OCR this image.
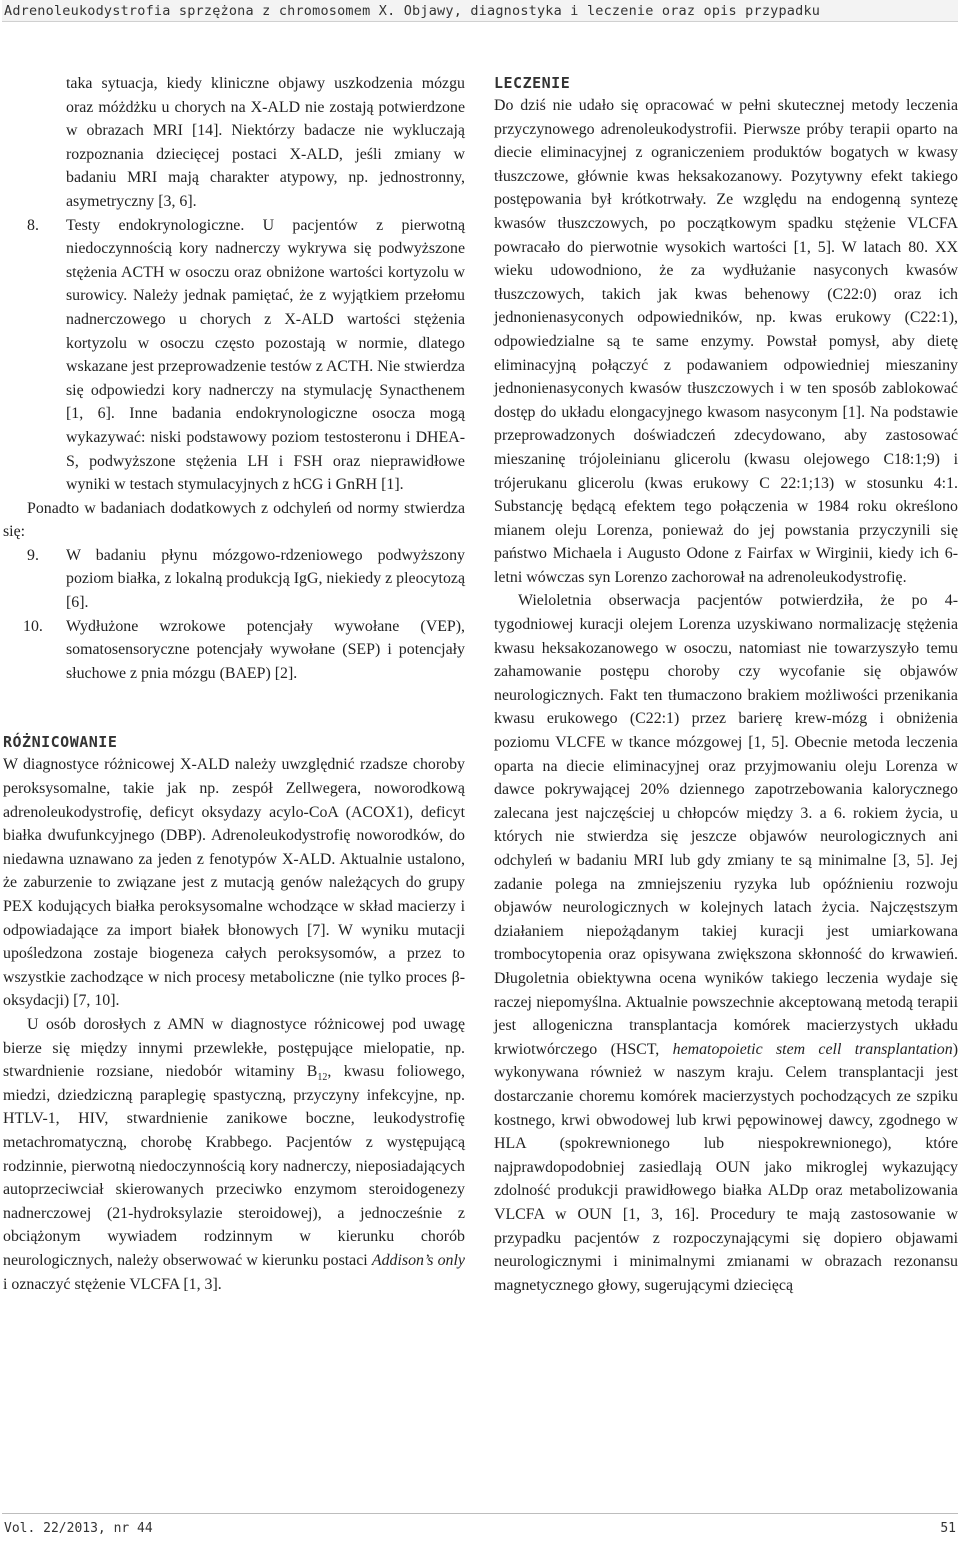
Adrenoleukodystrofia sprzężona z chromosomem X. Objawy, diagnostyka i leczenie oraz opis przypadku

taka sytuacja, kiedy kliniczne objawy uszkodzenia mózgu oraz móżdżku u chorych na X-ALD nie zostają potwierdzone w obrazach MRI [14]. Niektórzy badacze nie wykluczają rozpoznania dziecięcej postaci X-ALD, jeśli zmiany w badaniu MRI mają charakter atypowy, np. jednostronny, asymetryczny [3, 6].

8.	Testy endokrynologiczne. U pacjentów z pierwotną niedoczynnością kory nadnerczy wykrywa się podwyższone stężenia ACTH w osoczu oraz obniżone wartości kortyzolu w surowicy. Należy jednak pamiętać, że z wyjątkiem przełomu nadnerczowego u chorych z X-ALD wartości stężenia kortyzolu w osoczu często pozostają w normie, dlatego wskazane jest przeprowadzenie testów z ACTH. Nie stwierdza się odpowiedzi kory nadnerczy na stymulację Synacthenem [1, 6]. Inne badania endokrynologiczne osocza mogą wykazywać: niski podstawowy poziom testosteronu i DHEA-S, podwyższone stężenia LH i FSH oraz nieprawidłowe wyniki w testach stymulacyjnych z hCG i GnRH [1].

Ponadto w badaniach dodatkowych z odchyleń od normy stwierdza się:

9.	W badaniu płynu mózgowo-rdzeniowego podwyższony poziom białka, z lokalną produkcją IgG, niekiedy z pleocytozą [6].
10.	Wydłużone wzrokowe potencjały wywołane (VEP), somatosensoryczne potencjały wywołane (SEP) i potencjały słuchowe z pnia mózgu (BAEP) [2].
RÓŻNICOWANIE

W diagnostyce różnicowej X-ALD należy uwzględnić rzadsze choroby peroksysomalne, takie jak np. zespół Zellwegera, noworodkową adrenoleukodystrofię, deficyt oksydazy acylo-CoA (ACOX1), deficyt białka dwufunkcyjnego (DBP). Adrenoleukodystrofię noworodków, do niedawna uznawano za jeden z fenotypów X-ALD. Aktualnie ustalono, że zaburzenie to związane jest z mutacją genów należących do grupy PEX kodujących białka peroksysomalne wchodzące w skład macierzy i odpowiadające za import białek błonowych [7]. W wyniku mutacji upośledzona zostaje biogeneza całych peroksysomów, a przez to wszystkie zachodzące w nich procesy metaboliczne (nie tylko proces β-oksydacji) [7, 10].

U osób dorosłych z AMN w diagnostyce różnicowej pod uwagę bierze się między innymi przewlekłe, postępujące mielopatie, np. stwardnienie rozsiane, niedobór witaminy $B_{12}$, kwasu foliowego, miedzi, dziedziczną paraplegię spastyczną, przyczyny infekcyjne, np. HTLV-1, HIV, stwardnienie zanikowe boczne, leukodystrofię metachromatyczną, chorobę Krabbego. Pacjentów z występującą rodzinnie, pierwotną niedoczynnością kory nadnerczy, nieposiadających autoprzeciwciał skierowanych przeciwko enzymom steroidogenezy nadnerczowej (21-hydroksylazie steroidowej), a jednocześnie z obciążonym wywiadem rodzinnym w kierunku chorób neurologicznych, należy obserwować w kierunku postaci Addison’s only i oznaczyć stężenie VLCFA [1, 3].

LECZENIE

Do dziś nie udało się opracować w pełni skutecznej metody leczenia przyczynowego adrenoleukodystrofii. Pierwsze próby terapii oparto na diecie eliminacyjnej z ograniczeniem produktów bogatych w kwasy tłuszczowe, głównie kwas heksakozanowy. Pozytywny efekt takiego postępowania był krótkotrwały. Ze względu na endogenną syntezę kwasów tłuszczowych, po początkowym spadku stężenie VLCFA powracało do pierwotnie wysokich wartości [1, 5]. W latach 80. XX wieku udowodniono, że za wydłużanie nasyconych kwasów tłuszczowych, takich jak kwas behenowy (C22:0) oraz ich jednonienasyconych odpowiedników, np. kwas erukowy (C22:1), odpowiedzialne są te same enzymy. Powstał pomysł, aby dietę eliminacyjną połączyć z podawaniem odpowiedniej mieszaniny jednonienasyconych kwasów tłuszczowych i w ten sposób zablokować dostęp do układu elongacyjnego kwasom nasyconym [1]. Na podstawie przeprowadzonych doświadczeń zdecydowano, aby zastosować mieszaninę trójoleinianu glicerolu (kwasu olejowego C18:1;9) i trójerukanu glicerolu (kwas erukowy C 22:1;13) w stosunku 4:1. Substancję będącą efektem tego połączenia w 1984 roku określono mianem oleju Lorenza, ponieważ do jej powstania przyczynili się państwo Michaela i Augusto Odone z Fairfax w Wirginii, kiedy ich 6-letni wówczas syn Lorenzo zachorował na adrenoleukodystrofię.

Wieloletnia obserwacja pacjentów potwierdziła, że po 4-tygodniowej kuracji olejem Lorenza uzyskiwano normalizację stężenia kwasu heksakozanowego w osoczu, natomiast nie towarzyszyło temu zahamowanie postępu choroby czy wycofanie się objawów neurologicznych. Fakt ten tłumaczono brakiem możliwości przenikania kwasu erukowego (C22:1) przez barierę krew-mózg i obniżenia poziomu VLCFE w tkance mózgowej [1, 5]. Obecnie metoda leczenia oparta na diecie eliminacyjnej oraz przyjmowaniu oleju Lorenza w dawce pokrywającej 20% dziennego zapotrzebowania kalorycznego zalecana jest najczęściej u chłopców między 3. a 6. rokiem życia, u których nie stwierdza się jeszcze objawów neurologicznych ani odchyleń w badaniu MRI lub gdy zmiany te są minimalne [3, 5]. Jej zadanie polega na zmniejszeniu ryzyka lub opóźnieniu rozwoju objawów neurologicznych w kolejnych latach życia. Najczęstszym działaniem niepożądanym takiej kuracji jest umiarkowana trombocytopenia oraz opisywana zwiększona skłonność do krwawień. Długoletnia obiektywna ocena wyników takiego leczenia wydaje się raczej niepomyślna. Aktualnie powszechnie akceptowaną metodą terapii jest allogeniczna transplantacja komórek macierzystych układu krwiotwórczego (HSCT, hematopoietic stem cell transplantation) wykonywana również w naszym kraju. Celem transplantacji jest dostarczanie choremu komórek macierzystych pochodzących ze szpiku kostnego, krwi obwodowej lub krwi pępowinowej dawcy, zgodnego w HLA (spokrewnionego lub niespokrewnionego), które najprawdopodobniej zasiedlają OUN jako mikroglej wykazujący zdolność produkcji prawidłowego białka ALDp oraz metabolizowania VLCFA w OUN [1, 3, 16]. Procedury te mają zastosowanie w przypadku pacjentów z rozpoczynającymi się dopiero objawami neurologicznymi i minimalnymi zmianami w obrazach rezonansu magnetycznego głowy, sugerującymi dziecięcą

Vol. 22/2013, nr 44	51
